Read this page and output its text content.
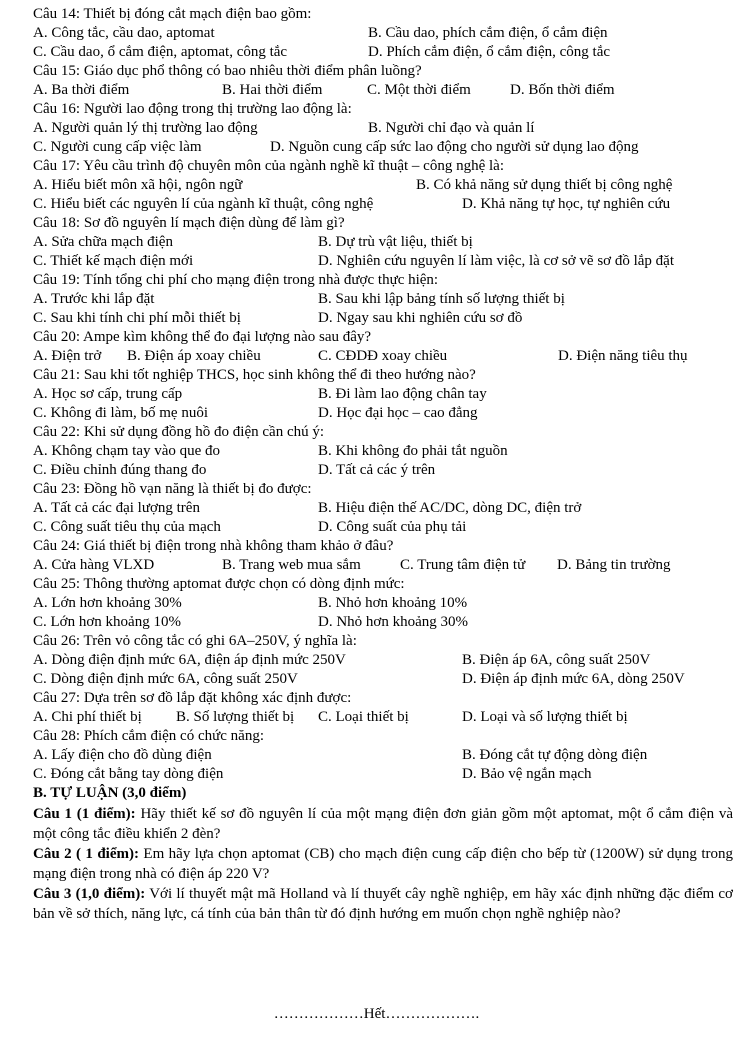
Câu 14: Thiết bị đóng cắt mạch điện bao gồm:
A. Công tắc, cầu dao, aptomat	B. Cầu dao, phích cắm điện, ổ cắm điện
C. Cầu dao, ổ cắm điện, aptomat, công tắc	D. Phích cắm điện, ổ cắm điện, công tắc
Câu 15: Giáo dục phổ thông có bao nhiêu thời điểm phân luồng?
A. Ba thời điểm	B. Hai thời điểm	C. Một thời điểm	D. Bốn thời điểm
Câu 16: Người lao động trong thị trường lao động là:
A. Người quản lý thị trường lao động	B. Người chỉ đạo và quản lí
C. Người cung cấp việc làm	D. Nguồn cung cấp sức lao động cho người sử dụng lao động
Câu 17: Yêu cầu trình độ chuyên môn của ngành nghề kĩ thuật – công nghệ là:
A. Hiểu biết môn xã hội, ngôn ngữ	B. Có khả năng sử dụng thiết bị công nghệ
C. Hiểu biết các nguyên lí của ngành kĩ thuật, công nghệ	D. Khả năng tự học, tự nghiên cứu
Câu 18: Sơ đồ nguyên lí mạch điện dùng để làm gì?
A. Sửa chữa mạch điện	B. Dự trù vật liệu, thiết bị
C. Thiết kế mạch điện mới	D. Nghiên cứu nguyên lí làm việc, là cơ sở vẽ sơ đồ lắp đặt
Câu 19: Tính tổng chi phí cho mạng điện trong nhà được thực hiện:
A. Trước khi lắp đặt	B. Sau khi lập bảng tính số lượng thiết bị
C. Sau khi tính chi phí mỗi thiết bị	D. Ngay sau khi nghiên cứu sơ đồ
Câu 20: Ampe kìm không thể đo đại lượng nào sau đây?
A. Điện trở B. Điện áp xoay chiều	C. CĐDĐ xoay chiều	D. Điện năng tiêu thụ
Câu 21: Sau khi tốt nghiệp THCS, học sinh không thể đi theo hướng nào?
A. Học sơ cấp, trung cấp	B. Đi làm lao động chân tay
C. Không đi làm, bố mẹ nuôi	D. Học đại học – cao đẳng
Câu 22: Khi sử dụng đồng hồ đo điện cần chú ý:
A. Không chạm tay vào que đo	B. Khi không đo phải tắt nguồn
C. Điều chỉnh đúng thang đo	D. Tất cả các ý trên
Câu 23: Đồng hồ vạn năng là thiết bị đo được:
A. Tất cả các đại lượng trên	B. Hiệu điện thế AC/DC, dòng DC, điện trở
C. Công suất tiêu thụ của mạch	D. Công suất của phụ tải
Câu 24: Giá thiết bị điện trong nhà không tham khảo ở đâu?
A. Cửa hàng VLXD	B. Trang web mua sắm	C. Trung tâm điện tử D. Bảng tin trường
Câu 25: Thông thường aptomat được chọn có dòng định mức:
A. Lớn hơn khoảng 30%	B. Nhỏ hơn khoảng 10%
C. Lớn hơn khoảng 10%	D. Nhỏ hơn khoảng 30%
Câu 26: Trên vỏ công tắc có ghi 6A–250V, ý nghĩa là:
A. Dòng điện định mức 6A, điện áp định mức 250V	B. Điện áp 6A, công suất 250V
C. Dòng điện định mức 6A, công suất 250V	D. Điện áp định mức 6A, dòng 250V
Câu 27: Dựa trên sơ đồ lắp đặt không xác định được:
A. Chi phí thiết bị B. Số lượng thiết bị C. Loại thiết bị	D. Loại và số lượng thiết bị
Câu 28: Phích cắm điện có chức năng:
A. Lấy điện cho đồ dùng điện	B. Đóng cắt tự động dòng điện
C. Đóng cắt bằng tay dòng điện	D. Bảo vệ ngắn mạch
B. TỰ LUẬN (3,0 điểm)
Câu 1 (1 điểm): Hãy thiết kế sơ đồ nguyên lí của một mạng điện đơn giản gồm một aptomat, một ổ cắm điện và một công tắc điều khiển 2 đèn?
Câu 2 ( 1 điểm): Em hãy lựa chọn aptomat (CB) cho mạch điện cung cấp điện cho bếp từ (1200W) sử dụng trong mạng điện trong nhà có điện áp 220 V?
Câu 3 (1,0 điểm): Với lí thuyết mật mã Holland và lí thuyết cây nghề nghiệp, em hãy xác định những đặc điểm cơ bản về sở thích, năng lực, cá tính của bản thân từ đó định hướng em muốn chọn nghề nghiệp nào?
………………Hết……………….
